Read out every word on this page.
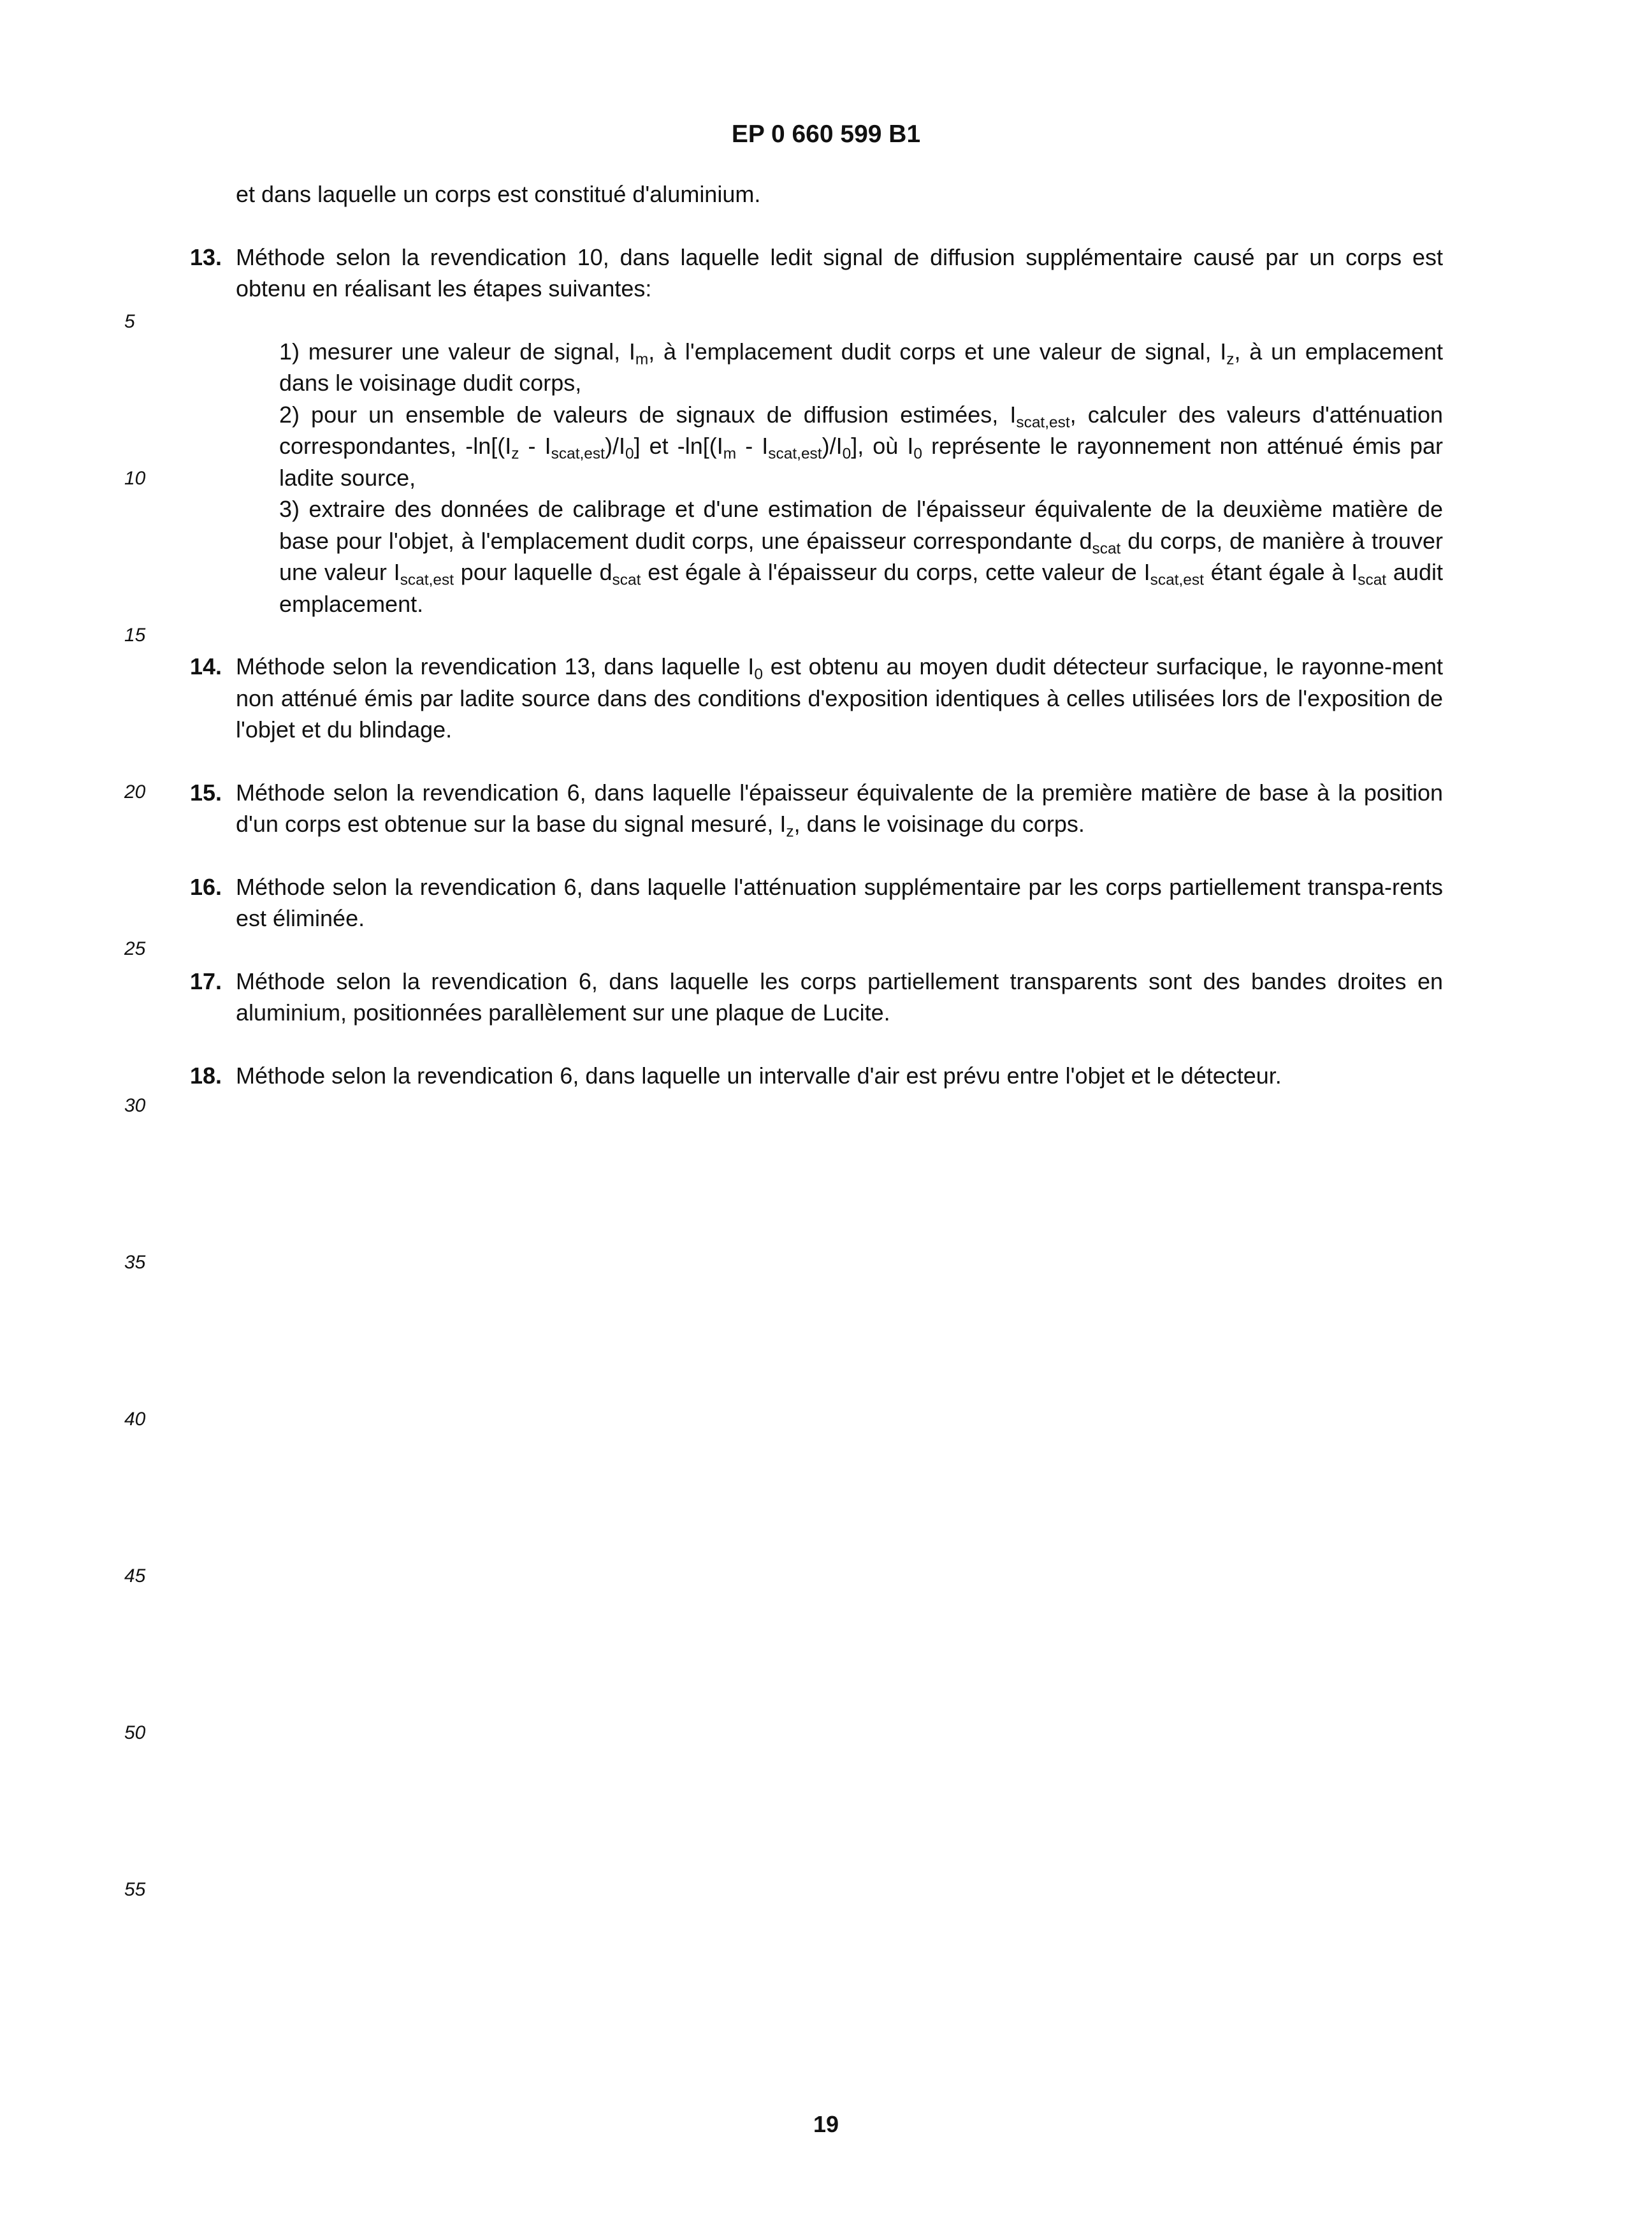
EP 0 660 599 B1
5
10
15
20
25
30
35
40
45
50
55

et dans laquelle un corps est constitué d'aluminium.

13. Méthode selon la revendication 10, dans laquelle ledit signal de diffusion supplémentaire causé par un corps est obtenu en réalisant les étapes suivantes:

1) mesurer une valeur de signal, $I_m$, à l'emplacement dudit corps et une valeur de signal, $I_z$, à un emplacement dans le voisinage dudit corps,

2) pour un ensemble de valeurs de signaux de diffusion estimées, $I_{scat,est}$, calculer des valeurs d'atténuation correspondantes, $-\ln[(I_z - I_{scat,est})/I_0]$ et $-\ln[(I_m - I_{scat,est})/I_0]$, où $I_0$ représente le rayonnement non atténué émis par ladite source,

3) extraire des données de calibrage et d'une estimation de l'épaisseur équivalente de la deuxième matière de base pour l'objet, à l'emplacement dudit corps, une épaisseur correspondante $d_{scat}$ du corps, de manière à trouver une valeur $I_{scat,est}$ pour laquelle $d_{scat}$ est égale à l'épaisseur du corps, cette valeur de $I_{scat,est}$ étant égale à $I_{scat}$ audit emplacement.

14. Méthode selon la revendication 13, dans laquelle $I_0$ est obtenu au moyen dudit détecteur surfacique, le rayonne-ment non atténué émis par ladite source dans des conditions d'exposition identiques à celles utilisées lors de l'exposition de l'objet et du blindage.
15. Méthode selon la revendication 6, dans laquelle l'épaisseur équivalente de la première matière de base à la position d'un corps est obtenue sur la base du signal mesuré, $I_z$, dans le voisinage du corps.
16. Méthode selon la revendication 6, dans laquelle l'atténuation supplémentaire par les corps partiellement transpa-rents est éliminée.
17. Méthode selon la revendication 6, dans laquelle les corps partiellement transparents sont des bandes droites en aluminium, positionnées parallèlement sur une plaque de Lucite.
18. Méthode selon la revendication 6, dans laquelle un intervalle d'air est prévu entre l'objet et le détecteur.
19
